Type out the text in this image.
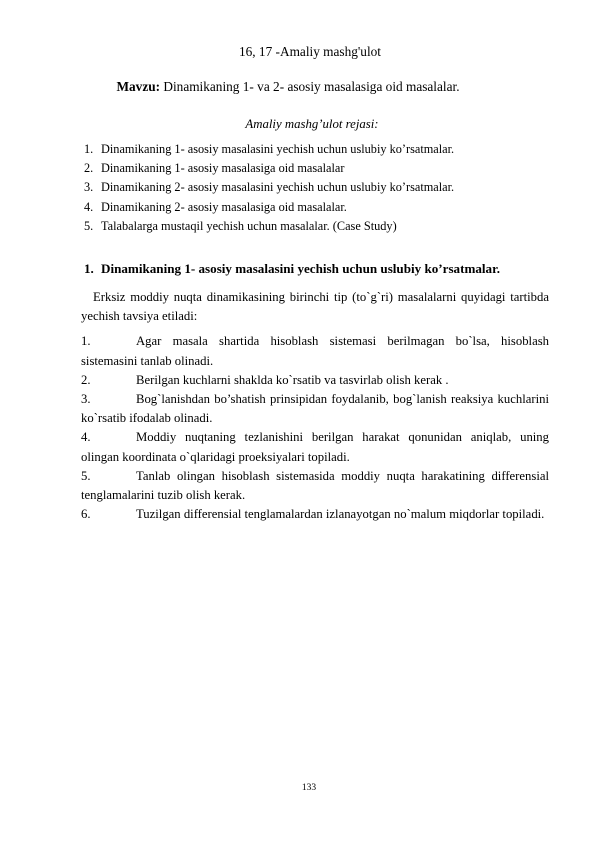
16, 17 -Amaliy mashg'ulot
Mavzu: Dinamikaning 1- va 2- asosiy masalasiga oid masalalar.
Amaliy mashg’ulot rejasi:
1. Dinamikaning 1- asosiy masalasini yechish uchun uslubiy ko’rsatmalar.
2. Dinamikaning 1- asosiy masalasiga oid masalalar
3. Dinamikaning 2- asosiy masalasini yechish uchun uslubiy ko’rsatmalar.
4. Dinamikaning 2- asosiy masalasiga oid masalalar.
5. Talabalarga mustaqil yechish uchun masalalar. (Case Study)
1. Dinamikaning 1- asosiy masalasini yechish uchun uslubiy ko’rsatmalar.

Erksiz moddiy nuqta dinamikasining birinchi tip (to`g`ri) masalalarni quyidagi tartibda yechish tavsiya etiladi:

1.	Agar masala shartida hisoblash sistemasi berilmagan bo`lsa, hisoblash sistemasini tanlab olinadi.

2.	Berilgan kuchlarni shaklda ko`rsatib va tasvirlab olish kerak .

3.	Bog`lanishdan bo’shatish prinsipidan foydalanib, bog`lanish reaksiya kuchlarini ko`rsatib ifodalab olinadi.

4.	Moddiy nuqtaning tezlanishini berilgan harakat qonunidan aniqlab, uning olingan koordinata o`qlaridagi proeksiyalari topiladi.

5.	Tanlab olingan hisoblash sistemasida moddiy nuqta harakatining differensial tenglamalarini tuzib olish kerak.

6.	Tuzilgan differensial tenglamalardan izlanayotgan no`malum miqdorlar topiladi.

133
